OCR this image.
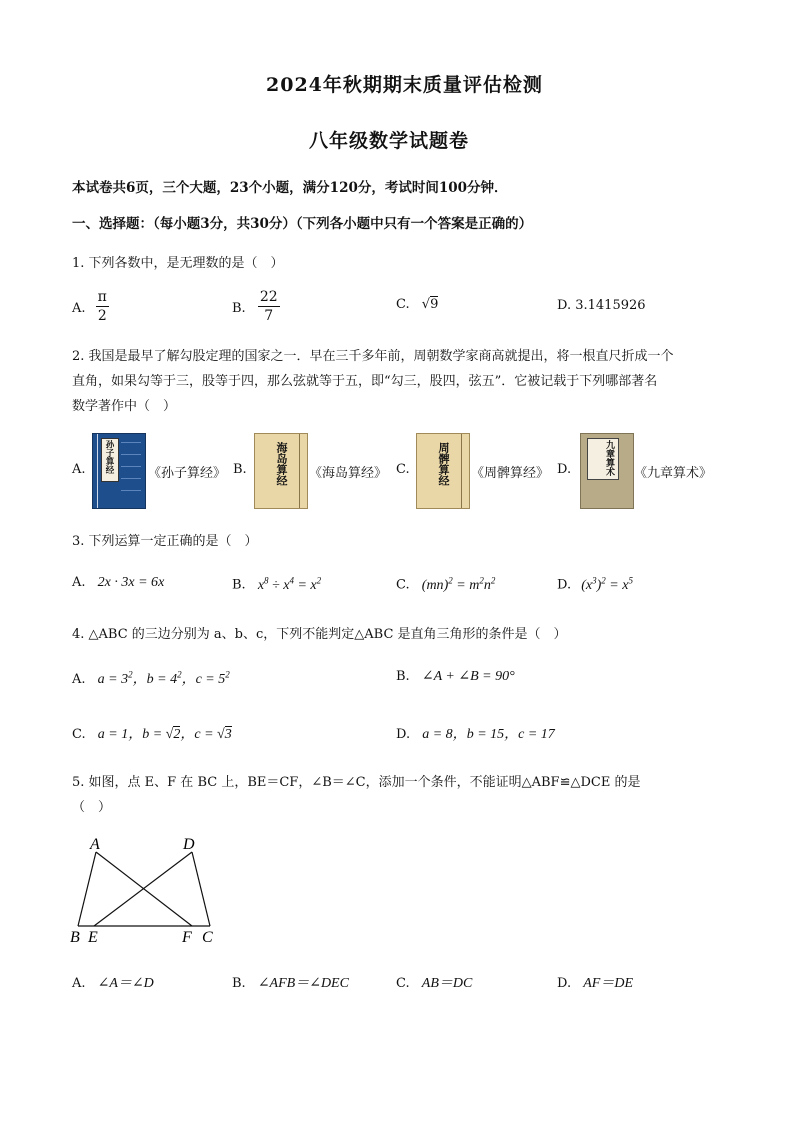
2024年秋期期末质量评估检测
八年级数学试题卷
本试卷共6页，三个大题，23个小题，满分120分，考试时间100分钟．
一、选择题：（每小题3分，共30分）（下列各小题中只有一个答案是正确的）
1. 下列各数中，是无理数的是（　）
A. $\frac{\pi}{2}$	B. $\frac{22}{7}$	C. √9	D. 3.1415926
2. 我国是最早了解勾股定理的国家之一．早在三千多年前，周朝数学家商高就提出，将一根直尺折成一个
直角，如果勾等于三，股等于四，那么弦就等于五，即“勾三，股四，弦五”．它被记载于下列哪部著名
数学著作中（　）
A.	孙子算经	《孙子算经》 B.	海岛算经 《海岛算经》 C.	周髀算经 《周髀算经》 D.	九章算术 《九章算术》
3. 下列运算一定正确的是（　）
A. 2x · 3x = 6x	B. $x^8 \div x^4 = x^2$	C. $(mn)^2 = m^2n^2$	D. $(x^3)^2 = x^5$
4. △ABC 的三边分别为 a、b、c，下列不能判定△ABC 是直角三角形的条件是（　）
A. $a = 3^2$，$b = 4^2$，$c = 5^2$	B. ∠A + ∠B = 90°
C. a = 1，b = √2，c = √3	D. a = 8，b = 15，c = 17
5. 如图，点 E、F 在 BC 上，BE＝CF，∠B＝∠C，添加一个条件，不能证明△ABF≌△DCE 的是
（　）
A	D
B E	F C
A. ∠A＝∠D	B. ∠AFB＝∠DEC	C. AB＝DC	D. AF＝DE
